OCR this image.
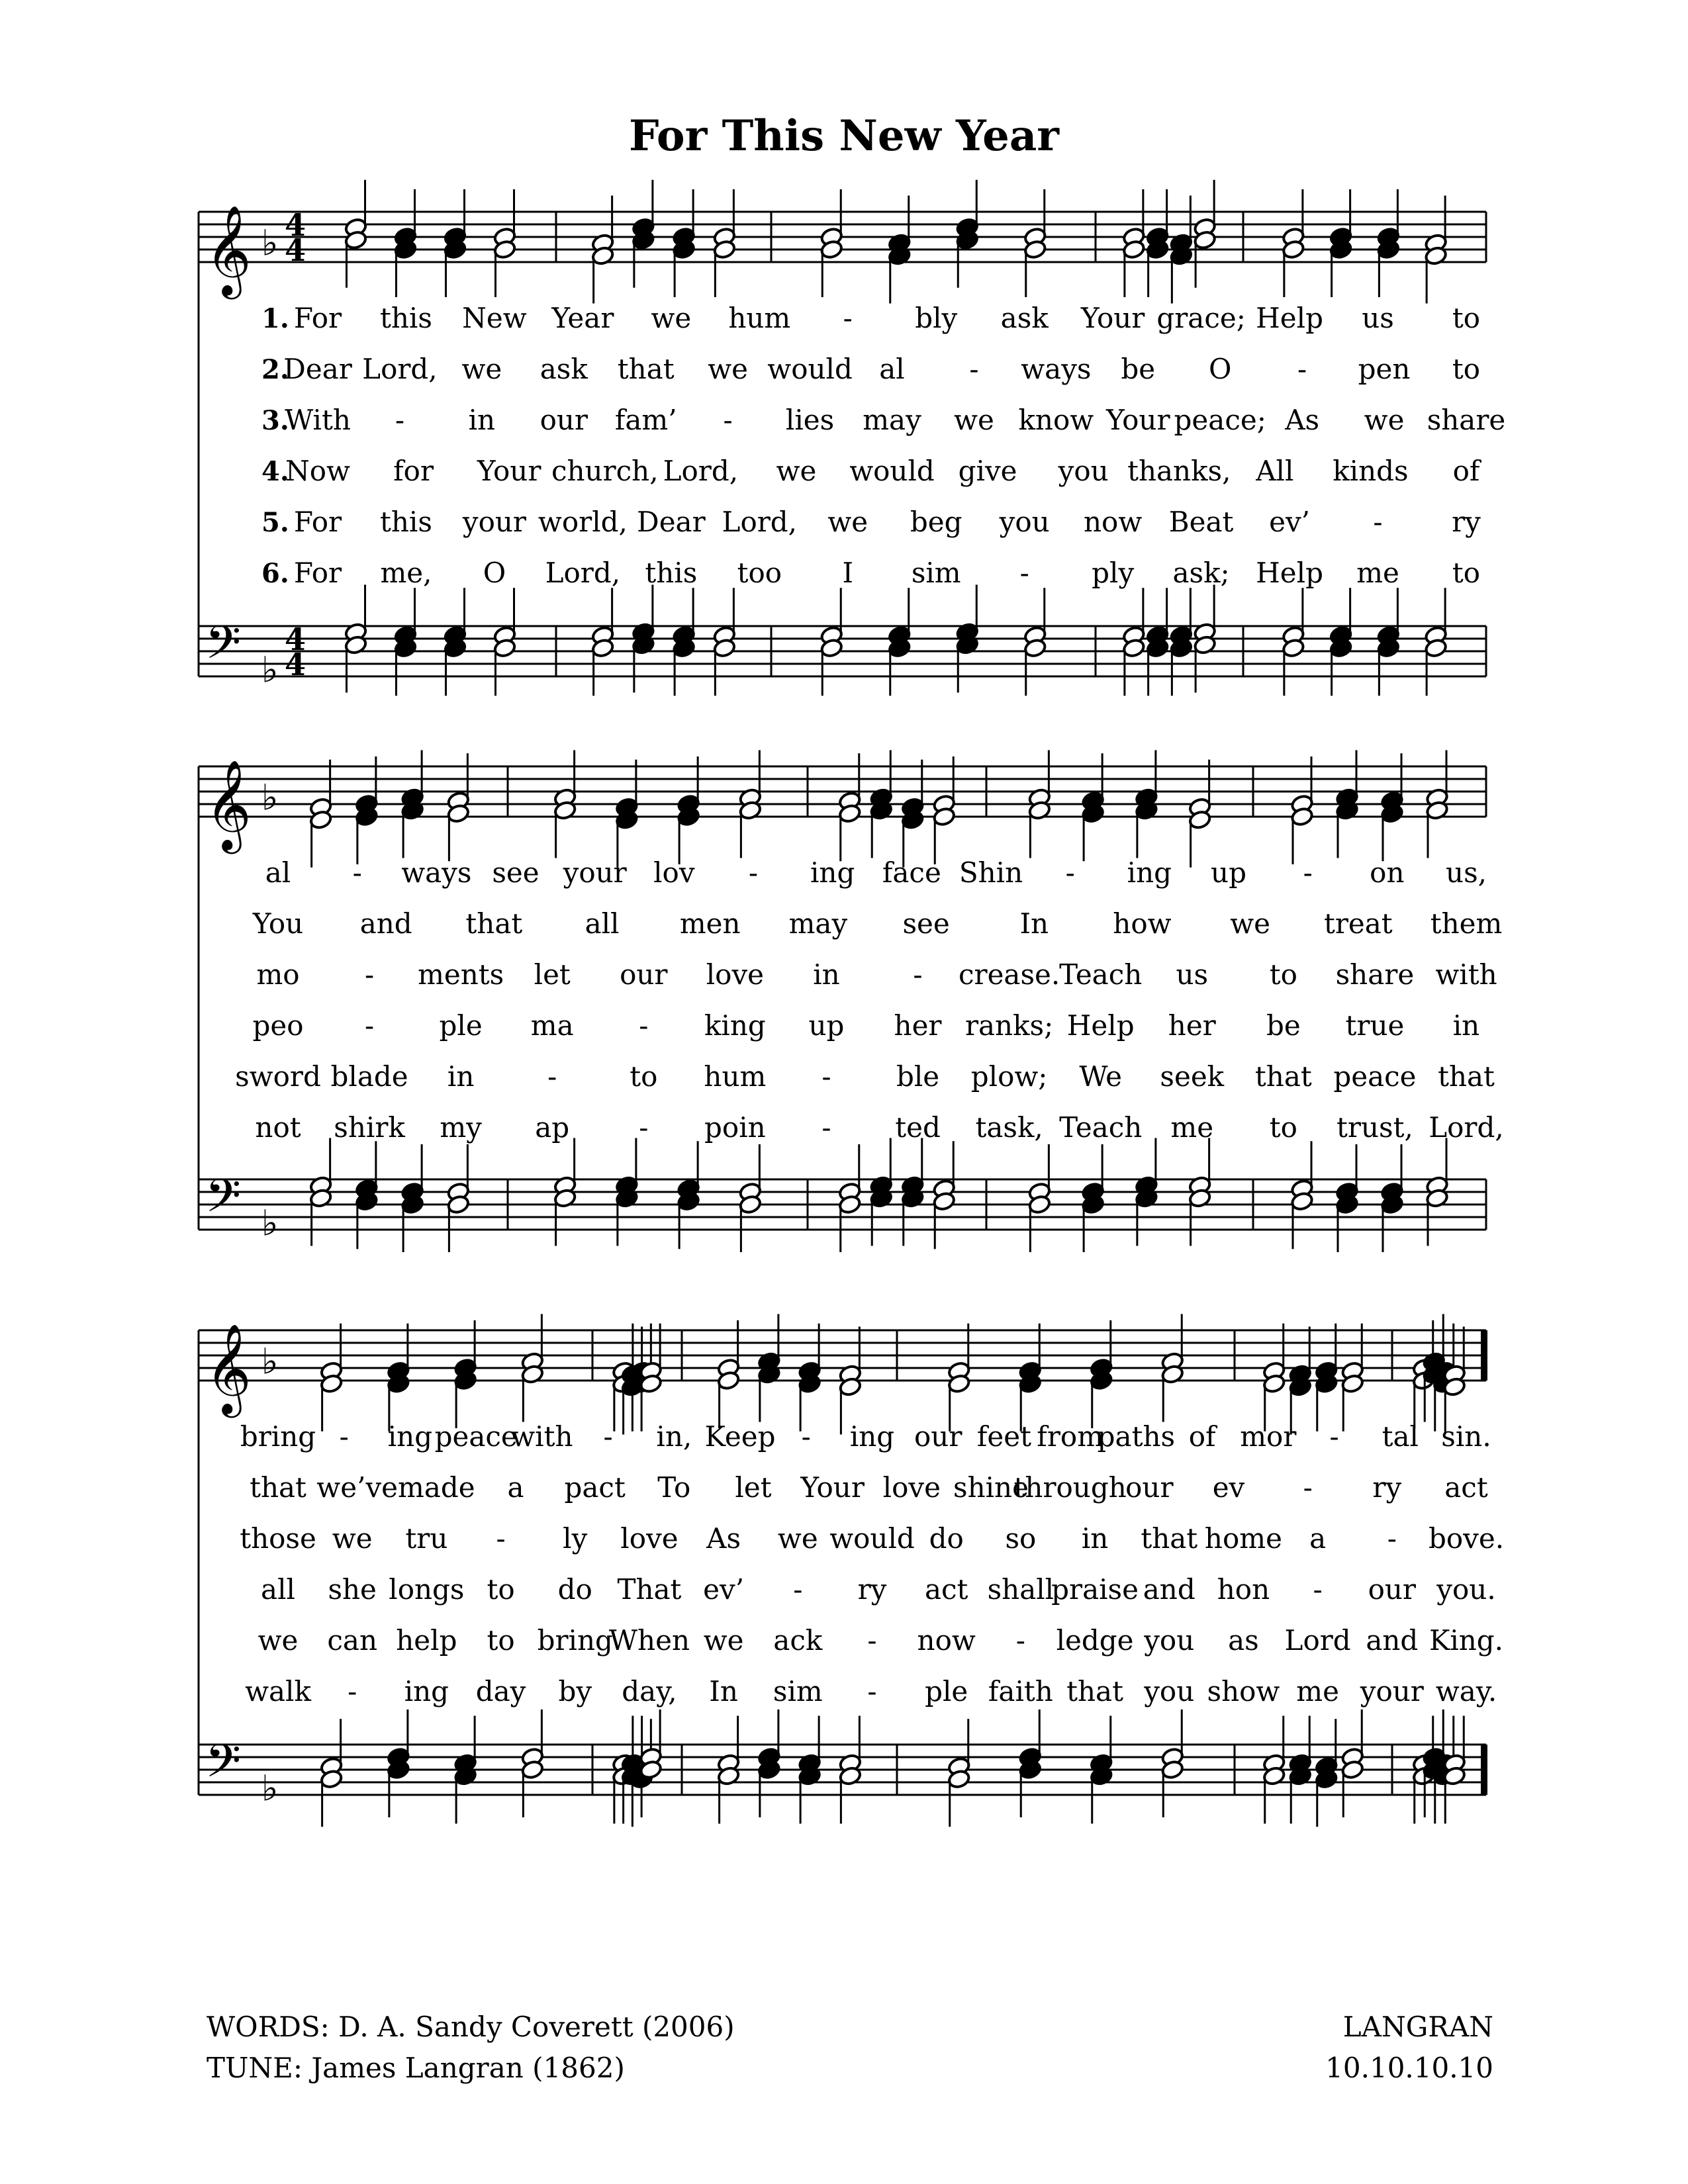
For This New Year
𝄞
𝄢
♭
♭
4
4
4
4
1. For this New Year we hum - bly ask Your grace; Help us to
2.
Dear Lord, we ask that we would al - ways be O - pen to
3.
With - in our fam’ - lies may we know Your peace; As we share
4.
Now for Your church, Lord, we would give you thanks, All kinds of
5. For this your world, Dear Lord, we beg you now Beat ev’ - ry
6. For me, O Lord, this too I sim - ply ask; Help me to
𝄞
𝄢
♭
♭
al - ways see your lov - ing face Shin - ing up - on us,
You and that all men may see	In how we treat them
mo - ments let our love in	- crease.
Teach us to share with
peo - ple ma - king up her ranks; Help her be true in
sword blade in	-	to hum - ble plow; We seek that peace that
not shirk my ap	- poin - ted task, Teach me to trust, Lord,
𝄞
𝄢
♭
♭
bring - ing peace
with - in, Keep - ing our feet from
paths of mor - tal sin.
that we’ve made a pact To let Your love shine
through
our ev - ry act
those we tru - ly love As we would do so in that home a - bove.
all she longs to do That ev’ - ry act shall
praise and hon - our you.
we can help to bring
When we ack - now - ledge you as Lord and King.
walk - ing day by day, In sim - ple faith that you show me your way.
WORDS: D. A. Sandy Coverett (2006)
TUNE: James Langran (1862)
LANGRAN
10.10.10.10
